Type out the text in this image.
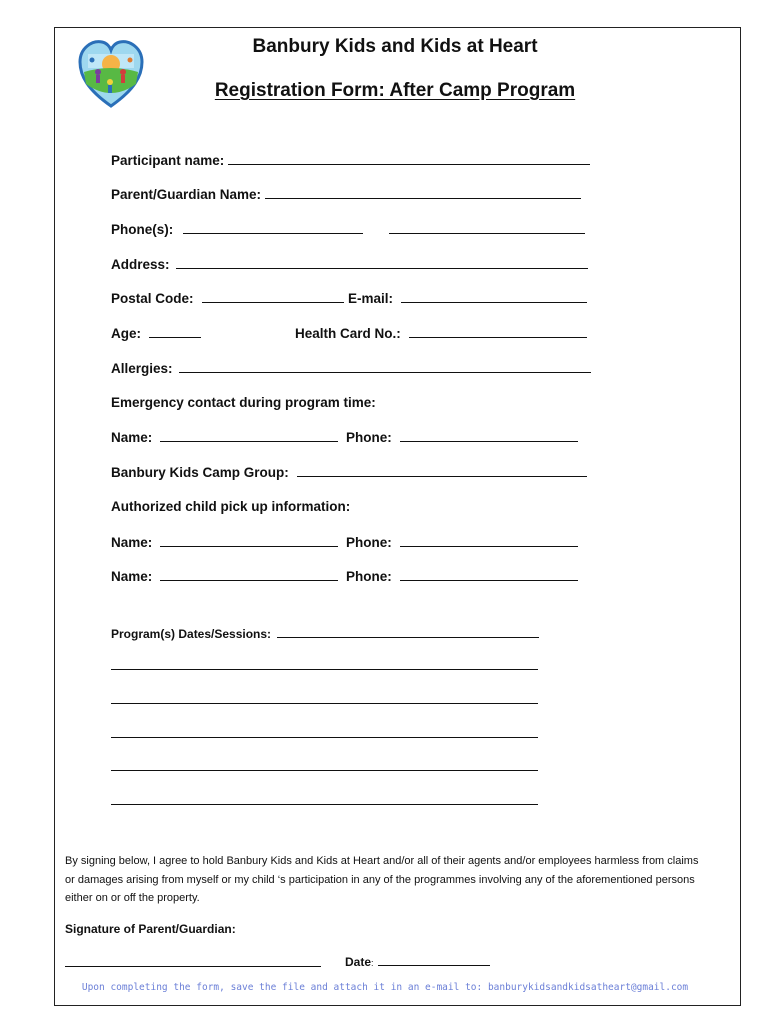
Banbury Kids and Kids at Heart
Registration Form: After Camp Program
Participant name:
Parent/Guardian Name:
Phone(s):
Address:
Postal Code:	E-mail:
Age:	Health Card No.:
Allergies:
Emergency contact during program time:
Name:	Phone:
Banbury Kids Camp Group:
Authorized child pick up information:
Name:	Phone:
Name:	Phone:
Program(s) Dates/Sessions:
By signing below, I agree to hold Banbury Kids and Kids at Heart and/or all of their agents and/or employees harmless from claims or damages arising from myself or my child ‘s participation in any of the programmes involving any of the aforementioned persons either on or off the property.
Signature of Parent/Guardian:
Date:
Upon completing the form, save the file and attach it in an e-mail to: banburykidsandkidsatheart@gmail.com
